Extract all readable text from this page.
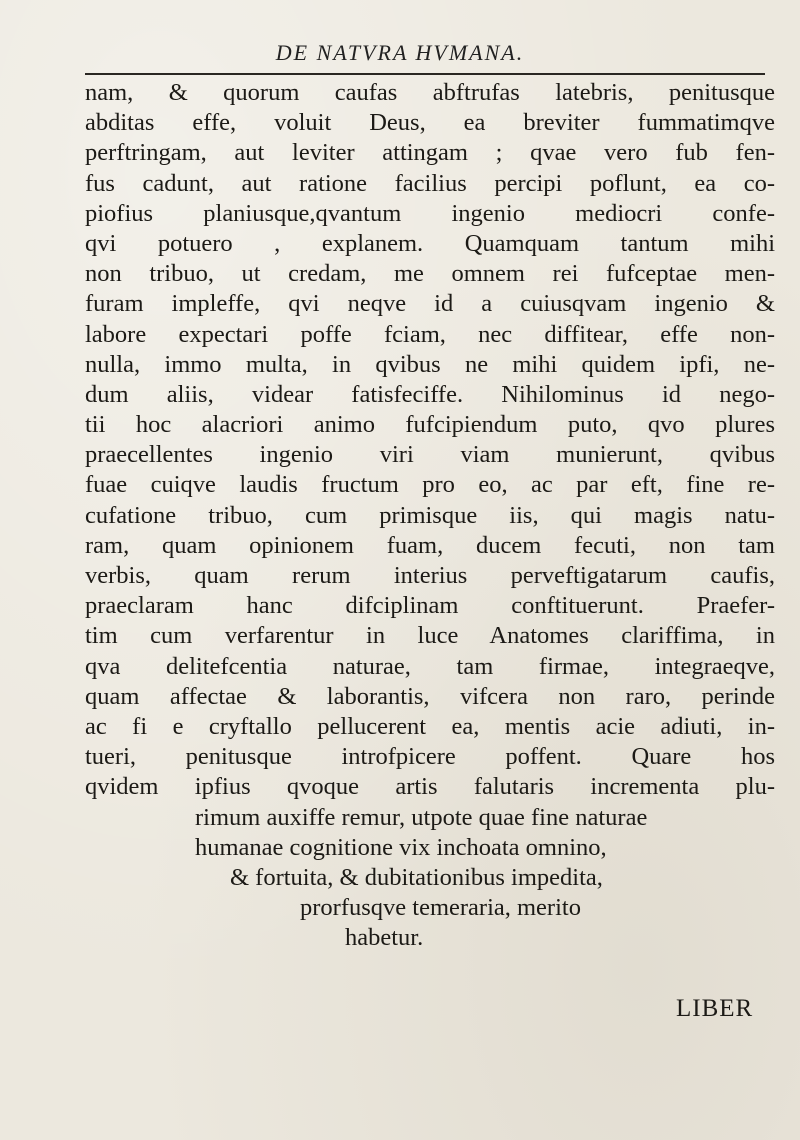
DE NATVRA HVMANA.
nam, & quorum caufas abftrufas latebris, penitusque
abditas effe, voluit Deus, ea breviter fummatimqve
perftringam, aut leviter attingam ; qvae vero fub fen-
fus cadunt, aut ratione facilius percipi poflunt, ea co-
piofius planiusque,qvantum ingenio mediocri confe-
qvi potuero , explanem. Quamquam tantum mihi
non tribuo, ut credam, me omnem rei fufceptae men-
furam impleffe, qvi neqve id a cuiusqvam ingenio &
labore expectari poffe fciam, nec diffitear, effe non-
nulla, immo multa, in qvibus ne mihi quidem ipfi, ne-
dum aliis, videar fatisfeciffe. Nihilominus id nego-
tii hoc alacriori animo fufcipiendum puto, qvo plures
praecellentes ingenio viri viam munierunt, qvibus
fuae cuiqve laudis fructum pro eo, ac par eft, fine re-
cufatione tribuo, cum primisque iis, qui magis natu-
ram, quam opinionem fuam, ducem fecuti, non tam
verbis, quam rerum interius perveftigatarum caufis,
praeclaram hanc difciplinam conftituerunt. Praefer-
tim cum verfarentur in luce Anatomes clariffima, in
qva delitefcentia naturae, tam firmae, integraeqve,
quam affectae & laborantis, vifcera non raro, perinde
ac fi e cryftallo pellucerent ea, mentis acie adiuti, in-
tueri, penitusque introfpicere poffent. Quare hos
qvidem ipfius qvoque artis falutaris incrementa plu-
rimum auxiffe remur, utpote quae fine naturae
humanae cognitione vix inchoata omnino,
& fortuita, & dubitationibus impedita,
prorfusqve temeraria, merito
habetur.
LIBER
